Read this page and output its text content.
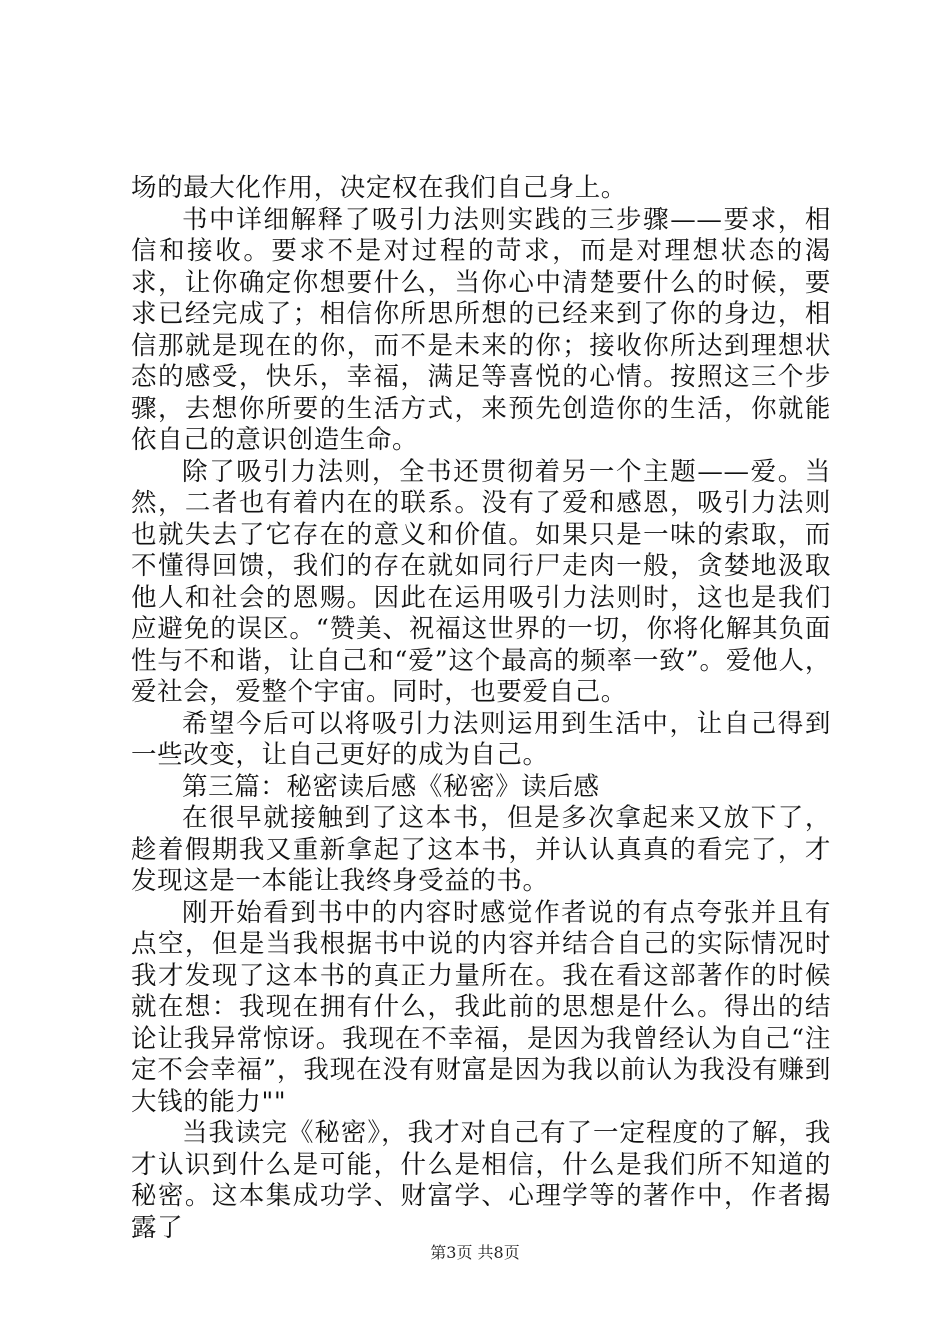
场的最大化作用，决定权在我们自己身上。

书中详细解释了吸引力法则实践的三步骤——要求，相信和接收。要求不是对过程的苛求，而是对理想状态的渴求，让你确定你想要什么，当你心中清楚要什么的时候，要求已经完成了；相信你所思所想的已经来到了你的身边，相信那就是现在的你，而不是未来的你；接收你所达到理想状态的感受，快乐，幸福，满足等喜悦的心情。按照这三个步骤，去想你所要的生活方式，来预先创造你的生活，你就能依自己的意识创造生命。

除了吸引力法则，全书还贯彻着另一个主题——爱。当然，二者也有着内在的联系。没有了爱和感恩，吸引力法则也就失去了它存在的意义和价值。如果只是一味的索取，而不懂得回馈，我们的存在就如同行尸走肉一般，贪婪地汲取他人和社会的恩赐。因此在运用吸引力法则时，这也是我们应避免的误区。“赞美、祝福这世界的一切，你将化解其负面性与不和谐，让自己和“爱”这个最高的频率一致”。爱他人，爱社会，爱整个宇宙。同时，也要爱自己。

希望今后可以将吸引力法则运用到生活中，让自己得到一些改变，让自己更好的成为自己。

第三篇：秘密读后感《秘密》读后感

在很早就接触到了这本书，但是多次拿起来又放下了，趁着假期我又重新拿起了这本书，并认认真真的看完了，才发现这是一本能让我终身受益的书。

刚开始看到书中的内容时感觉作者说的有点夸张并且有点空，但是当我根据书中说的内容并结合自己的实际情况时我才发现了这本书的真正力量所在。我在看这部著作的时候就在想：我现在拥有什么，我此前的思想是什么。得出的结论让我异常惊讶。我现在不幸福，是因为我曾经认为自己“注定不会幸福”，我现在没有财富是因为我以前认为我没有赚到大钱的能力""

当我读完《秘密》，我才对自己有了一定程度的了解，我才认识到什么是可能，什么是相信，什么是我们所不知道的秘密。这本集成功学、财富学、心理学等的著作中，作者揭露了

第3页 共8页
